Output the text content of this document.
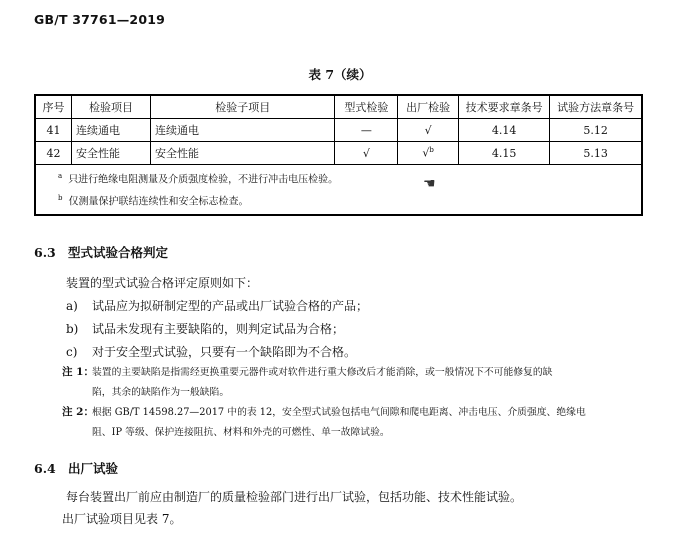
GB/T 37761—2019
表 7（续）
序号	检验项目	检验子项目	型式检验	出厂检验	技术要求章条号	试验方法章条号
41	连续通电	连续通电	—	√	4.14	5.12
42	安全性能	安全性能	√	√$^b$	4.15	5.13

$^a$ 只进行绝缘电阻测量及介质强度检验，不进行冲击电压检验。
$^b$ 仅测量保护联结连续性和安全标志检查。						
☚
6.3 型式试验合格判定
装置的型式试验合格评定原则如下：
a) 试品应为拟研制定型的产品或出厂试验合格的产品；
b) 试品未发现有主要缺陷的，则判定试品为合格；
c) 对于安全型式试验，只要有一个缺陷即为不合格。
注 1：
装置的主要缺陷是指需经更换重要元器件或对软件进行重大修改后才能消除，或一般情况下不可能修复的缺
陷，其余的缺陷作为一般缺陷。
注 2：
根据 GB/T 14598.27—2017 中的表 12，安全型式试验包括电气间隙和爬电距离、冲击电压、介质强度、绝缘电
阻、IP 等级、保护连接阻抗、材料和外壳的可燃性、单一故障试验。
6.4 出厂试验
每台装置出厂前应由制造厂的质量检验部门进行出厂试验，包括功能、技术性能试验。
出厂试验项目见表 7。
